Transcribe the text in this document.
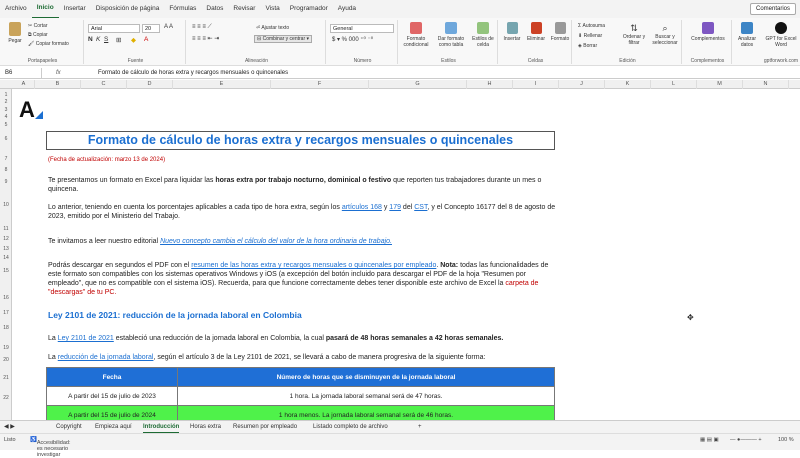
Archivo	Inicio	Insertar	Disposición de página	Fórmulas	Datos	Revisar	Vista	Programador	Ayuda	Comentarios
Pegar
✂ Cortar
⧉ Copiar
🖌 Copiar formato
Portapapeles
Arial	20	A A
N K S ⊞ ◆ A
Fuente
≡ ≡ ≡ ⟋
≡ ≡ ≡ ⇤ ⇥
⏎ Ajustar texto
⊟ Combinar y centrar ▾
Alineación
General
$ ▾ % 000 ⁺⁰ ⁻⁰
Número
Formato condicional
Dar formato como tabla
Estilos de celda
Estilos
Insertar	Eliminar	Formato
Celdas
Σ Autosuma
⬇ Rellenar
◈ Borrar
⇅
Ordenar y filtrar
⌕
Buscar y seleccionar
Edición
Complementos
Complementos
Analizar datos
GPT for Excel Word
gptforwork.com
B6	fx	Formato de cálculo de horas extra y recargos mensuales o quincenales
A	B	C	D	E	F	G	H	I	J	K	L	M	N
1
2
3
4
5
6
7
8
9
10
11
12
13
14
15
16
17
18
19
20
21
22
A
Formato de cálculo de horas extra y recargos mensuales o quincenales
(Fecha de actualización: marzo 13 de 2024)
Te presentamos un formato en Excel para liquidar las horas extra por trabajo nocturno, dominical o festivo que reporten tus trabajadores durante un mes o quincena.
Lo anterior, teniendo en cuenta los porcentajes aplicables a cada tipo de hora extra, según los artículos 168 y 179 del CST, y el Concepto 16177 del 8 de agosto de 2023, emitido por el Ministerio del Trabajo.
Te invitamos a leer nuestro editorial Nuevo concepto cambia el cálculo del valor de la hora ordinaria de trabajo.
Podrás descargar en segundos el PDF con el resumen de las horas extra y recargos mensuales o quincenales por empleado. Nota: todas las funcionalidades de este formato son compatibles con los sistemas operativos Windows y iOS (a excepción del botón incluido para descargar el PDF de la hoja "Resumen por empleado", que no es compatible con el sistema iOS). Recuerda, para que funcione correctamente debes tener disponible este archivo de Excel la carpeta de "descargas" de tu PC.
Ley 2101 de 2021: reducción de la jornada laboral en Colombia
La Ley 2101 de 2021 estableció una reducción de la jornada laboral en Colombia, la cual pasará de 48 horas semanales a 42 horas semanales.
La reducción de la jornada laboral, según el artículo 3 de la Ley 2101 de 2021, se llevará a cabo de manera progresiva de la siguiente forma:
Fecha	Número de horas que se disminuyen de la jornada laboral
A partir del 15 de julio de 2023	1 hora. La jornada laboral semanal será de 47 horas.
A partir del 15 de julio de 2024	1 hora menos. La jornada laboral semanal será de 46 horas.
✥
◀ ▶	Copyright Empieza aquí Introducción Horas extra Resumen por empleado	Listado completo de archivo	+
Listo	♿ Accesibilidad: es necesario investigar
▦ ▤ ▣ — ●——— +	100 %
